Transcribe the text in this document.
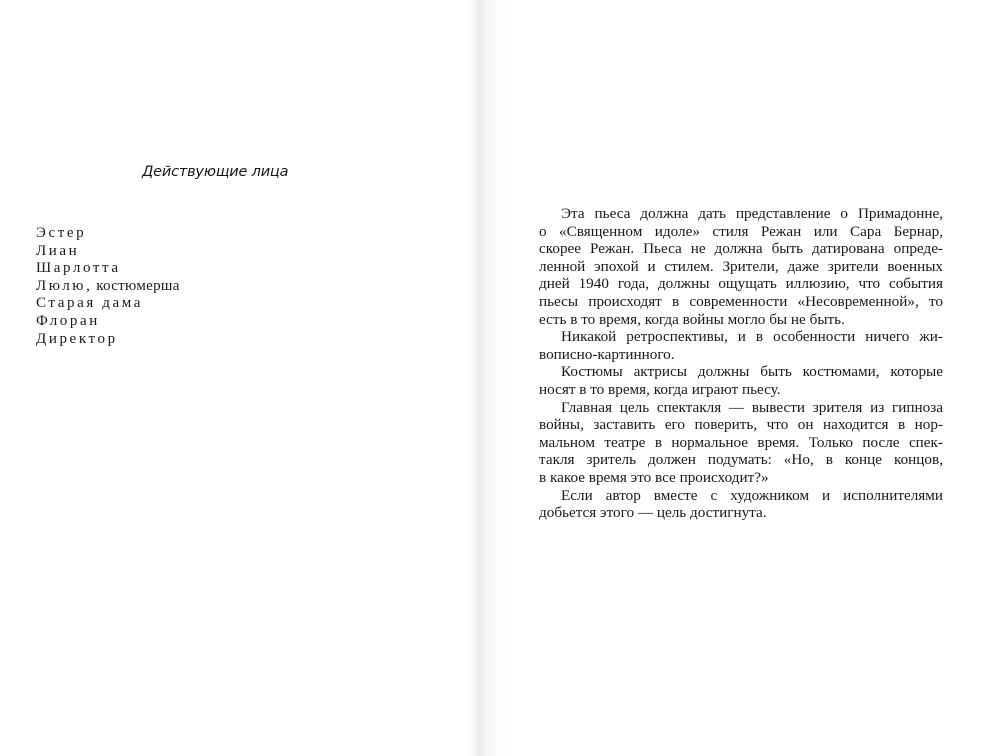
Действующие лица
Эстер
Лиан
Шарлотта
Люлю, костюмерша
Старая дама
Флоран
Директор
Эта пьеса должна дать представление о Примадонне,
о «Священном идоле» стиля Режан или Сара Бернар,
скорее Режан. Пьеса не должна быть датирована опреде-
ленной эпохой и стилем. Зрители, даже зрители военных
дней 1940 года, должны ощущать иллюзию, что события
пьесы происходят в современности «Несовременной», то
есть в то время, когда войны могло бы не быть.
Никакой ретроспективы, и в особенности ничего жи-
вописно-картинного.
Костюмы актрисы должны быть костюмами, которые
носят в то время, когда играют пьесу.
Главная цель спектакля — вывести зрителя из гипноза
войны, заставить его поверить, что он находится в нор-
мальном театре в нормальное время. Только после спек-
такля зритель должен подумать: «Но, в конце концов,
в какое время это все происходит?»
Если автор вместе с художником и исполнителями
добьется этого — цель достигнута.
